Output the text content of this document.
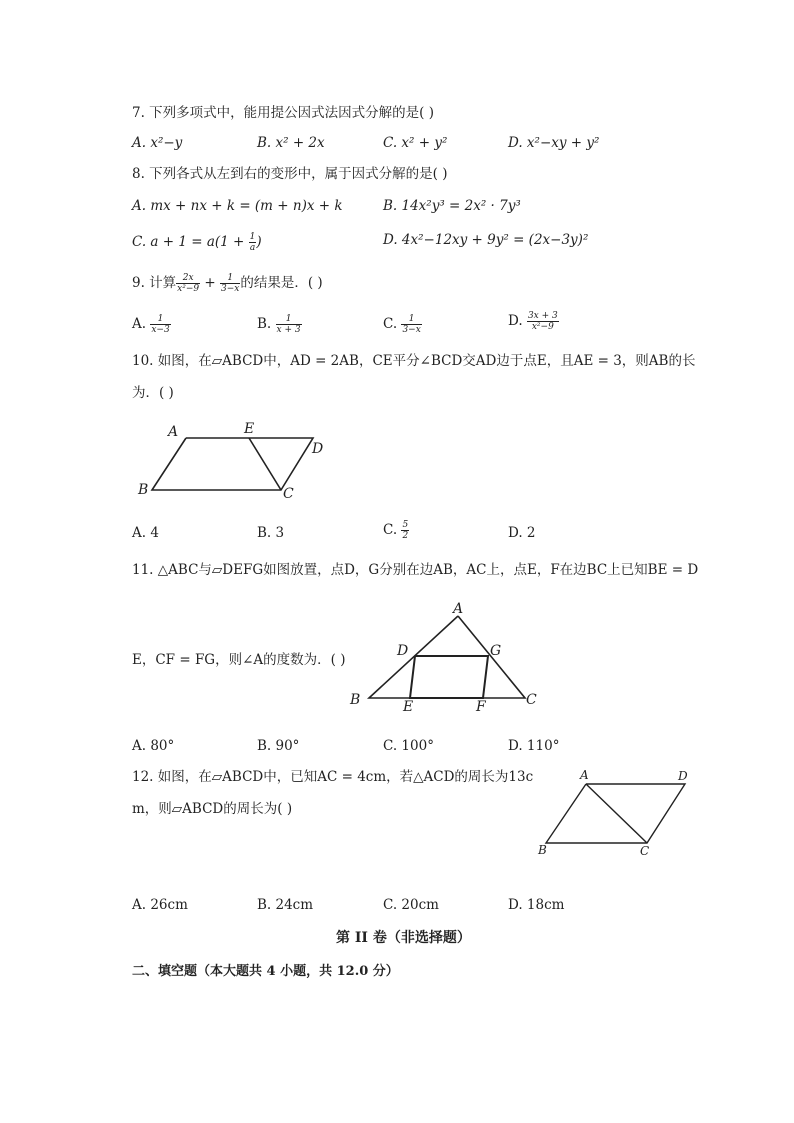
7. 下列多项式中，能用提公因式法因式分解的是( )
A. x²−y	B. x² + 2x	C. x² + y²	D. x²−xy + y²
8. 下列各式从左到右的变形中，属于因式分解的是( )
A. mx + nx + k = (m + n)x + k	B. 14x²y³ = 2x² · 7y³
C. $a + 1 = a(1 + \frac{1}{a}$ )	D. 4x²−12xy + 9y² = (2x−3y)²
9. 计算 $\frac{2x}{\text{x²−9}} + \frac{1}{3-x}$ 的结果是．( )
A. $\frac{1}{x-3}$	B. $\frac{1}{x + 3}$	C. $\frac{1}{3-x}$	D. $\frac{3x + 3}{\text{x²−9}}$
10. 如图，在▱ABCD中，AD = 2AB，CE平分∠BCD交AD边于点E，且AE = 3，则AB的长
为．( )
A	E
D
B	C
A. 4	B. 3	C. $\frac{5}{2}$	D. 2
11. △ABC与▱DEFG如图放置，点D，G分别在边AB，AC上，点E，F在边BC上已知BE = D
E，CF = FG，则∠A的度数为．( )
A
D	G
B	E	F	C
A. 80°	B. 90°	C. 100°	D. 110°
12. 如图，在▱ABCD中，已知AC = 4cm，若△ACD的周长为13c
m，则▱ABCD的周长为( )
A	D
B	C
A. 26cm	B. 24cm	C. 20cm	D. 18cm
第 II 卷（非选择题）
二、填空题（本大题共 4 小题，共 12.0 分）
